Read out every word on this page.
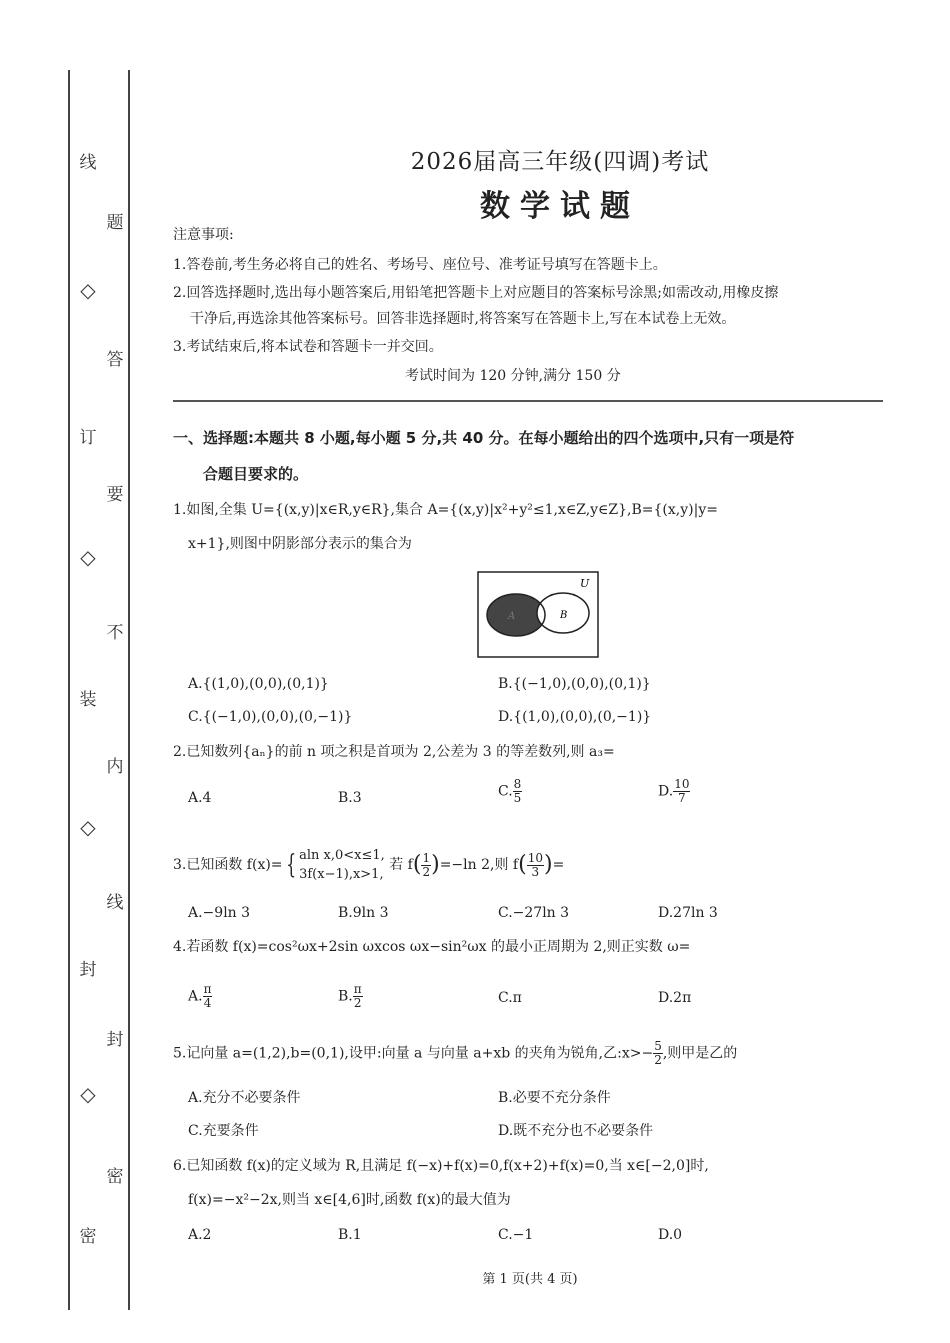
线
◇
订
◇
装
◇
封
◇
密
题
答
要
不
内
线
封
密
2026届高三年级(四调)考试
数学试题
注意事项:
1.答卷前,考生务必将自己的姓名、考场号、座位号、准考证号填写在答题卡上。
2.回答选择题时,选出每小题答案后,用铅笔把答题卡上对应题目的答案标号涂黑;如需改动,用橡皮擦
干净后,再选涂其他答案标号。回答非选择题时,将答案写在答题卡上,写在本试卷上无效。
3.考试结束后,将本试卷和答题卡一并交回。
考试时间为 120 分钟,满分 150 分
一、选择题:本题共 8 小题,每小题 5 分,共 40 分。在每小题给出的四个选项中,只有一项是符
合题目要求的。
1.如图,全集 U={(x,y)|x∈R,y∈R},集合 A={(x,y)|x²+y²≤1,x∈Z,y∈Z},B={(x,y)|y=
x+1},则图中阴影部分表示的集合为
U
A	B
A.{(1,0),(0,0),(0,1)}	B.{(−1,0),(0,0),(0,1)}
C.{(−1,0),(0,0),(0,−1)}	D.{(1,0),(0,0),(0,−1)}
2.已知数列{aₙ}的前 n 项之积是首项为 2,公差为 3 的等差数列,则 a₃=
A.4	B.3	C. $\frac{8}{5}$	D. $\frac{10}{7}$
3.已知函数 f(x)= { aln x,0<x≤1,
3f(x−1),x>1,
若 $f( \frac{1}{2} )=-\ln$ 2,则 $f( \frac{10}{3}$ )=
A.−9ln 3	B.9ln 3	C.−27ln 3	D.27ln 3
4.若函数 f(x)=cos²ωx+2sin ωxcos ωx−sin²ωx 的最小正周期为 2,则正实数 ω=
A. $\frac{\pi}{4}$	B. $\frac{\pi}{2}$	C.π	D.2π
5.记向量 a=(1,2),b=(0,1),设甲:向量 a 与向量 a+xb 的夹角为锐角,乙:x>− $\frac{5}{2}$ ,则甲是乙的
A.充分不必要条件	B.必要不充分条件
C.充要条件	D.既不充分也不必要条件
6.已知函数 f(x)的定义域为 R,且满足 f(−x)+f(x)=0,f(x+2)+f(x)=0,当 x∈[−2,0]时,
f(x)=−x²−2x,则当 x∈[4,6]时,函数 f(x)的最大值为
A.2	B.1	C.−1	D.0
第 1 页(共 4 页)
